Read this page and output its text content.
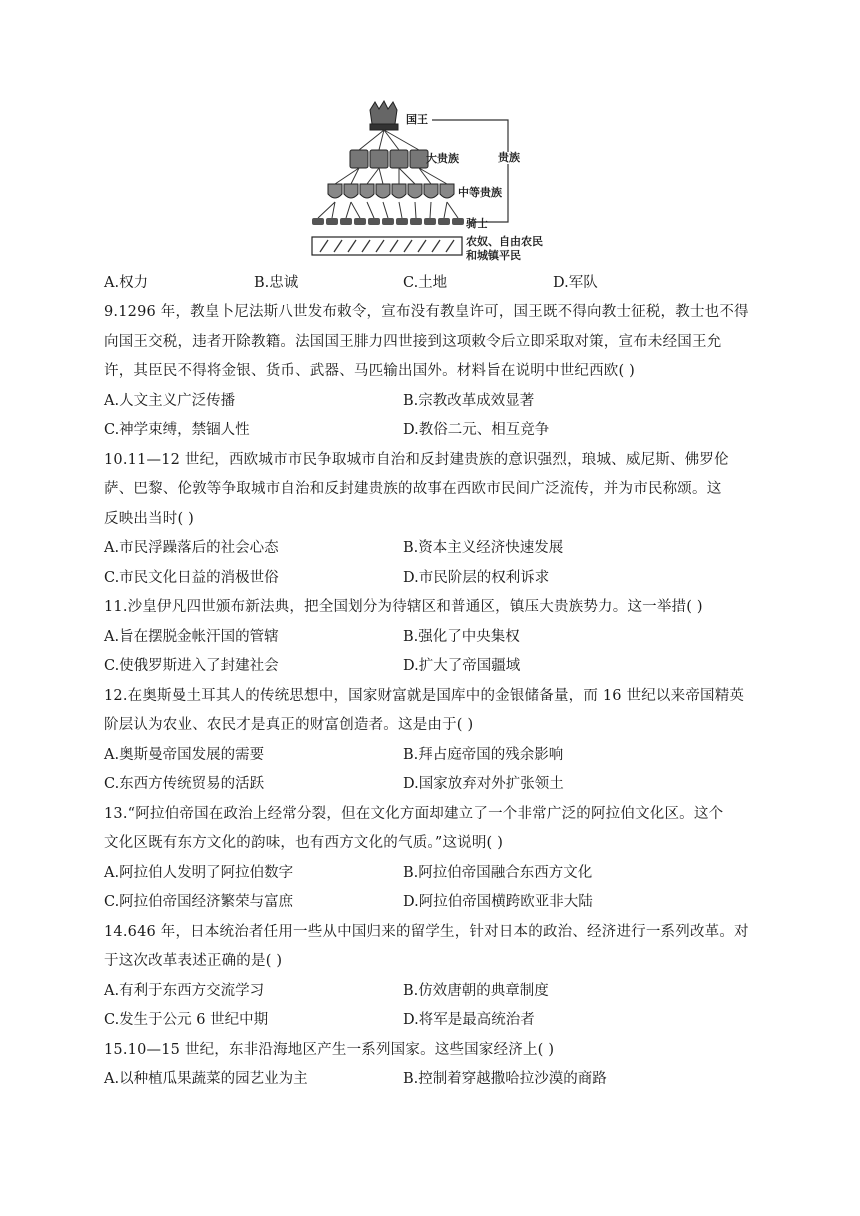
国王
大贵族
中等贵族
骑士
贵族
农奴、自由农民
和城镇平民
A.权力	B.忠诚	C.土地	D.军队
9.1296 年，教皇卜尼法斯八世发布敕令，宣布没有教皇许可，国王既不得向教士征税，教士也不得
向国王交税，违者开除教籍。法国国王腓力四世接到这项敕令后立即采取对策，宣布未经国王允
许，其臣民不得将金银、货币、武器、马匹输出国外。材料旨在说明中世纪西欧( )
A.人文主义广泛传播	B.宗教改革成效显著
C.神学束缚，禁锢人性	D.教俗二元、相互竞争
10.11—12 世纪，西欧城市市民争取城市自治和反封建贵族的意识强烈，琅城、威尼斯、佛罗伦
萨、巴黎、伦敦等争取城市自治和反封建贵族的故事在西欧市民间广泛流传，并为市民称颂。这
反映出当时( )
A.市民浮躁落后的社会心态	B.资本主义经济快速发展
C.市民文化日益的消极世俗	D.市民阶层的权利诉求
11.沙皇伊凡四世颁布新法典，把全国划分为待辖区和普通区，镇压大贵族势力。这一举措( )
A.旨在摆脱金帐汗国的管辖	B.强化了中央集权
C.使俄罗斯进入了封建社会	D.扩大了帝国疆域
12.在奥斯曼土耳其人的传统思想中，国家财富就是国库中的金银储备量，而 16 世纪以来帝国精英
阶层认为农业、农民才是真正的财富创造者。这是由于( )
A.奥斯曼帝国发展的需要	B.拜占庭帝国的残余影响
C.东西方传统贸易的活跃	D.国家放弃对外扩张领土
13.“阿拉伯帝国在政治上经常分裂，但在文化方面却建立了一个非常广泛的阿拉伯文化区。这个
文化区既有东方文化的韵味，也有西方文化的气质。”这说明( )
A.阿拉伯人发明了阿拉伯数字	B.阿拉伯帝国融合东西方文化
C.阿拉伯帝国经济繁荣与富庶	D.阿拉伯帝国横跨欧亚非大陆
14.646 年，日本统治者任用一些从中国归来的留学生，针对日本的政治、经济进行一系列改革。对
于这次改革表述正确的是( )
A.有利于东西方交流学习	B.仿效唐朝的典章制度
C.发生于公元 6 世纪中期	D.将军是最高统治者
15.10—15 世纪，东非沿海地区产生一系列国家。这些国家经济上( )
A.以种植瓜果蔬菜的园艺业为主	B.控制着穿越撒哈拉沙漠的商路
